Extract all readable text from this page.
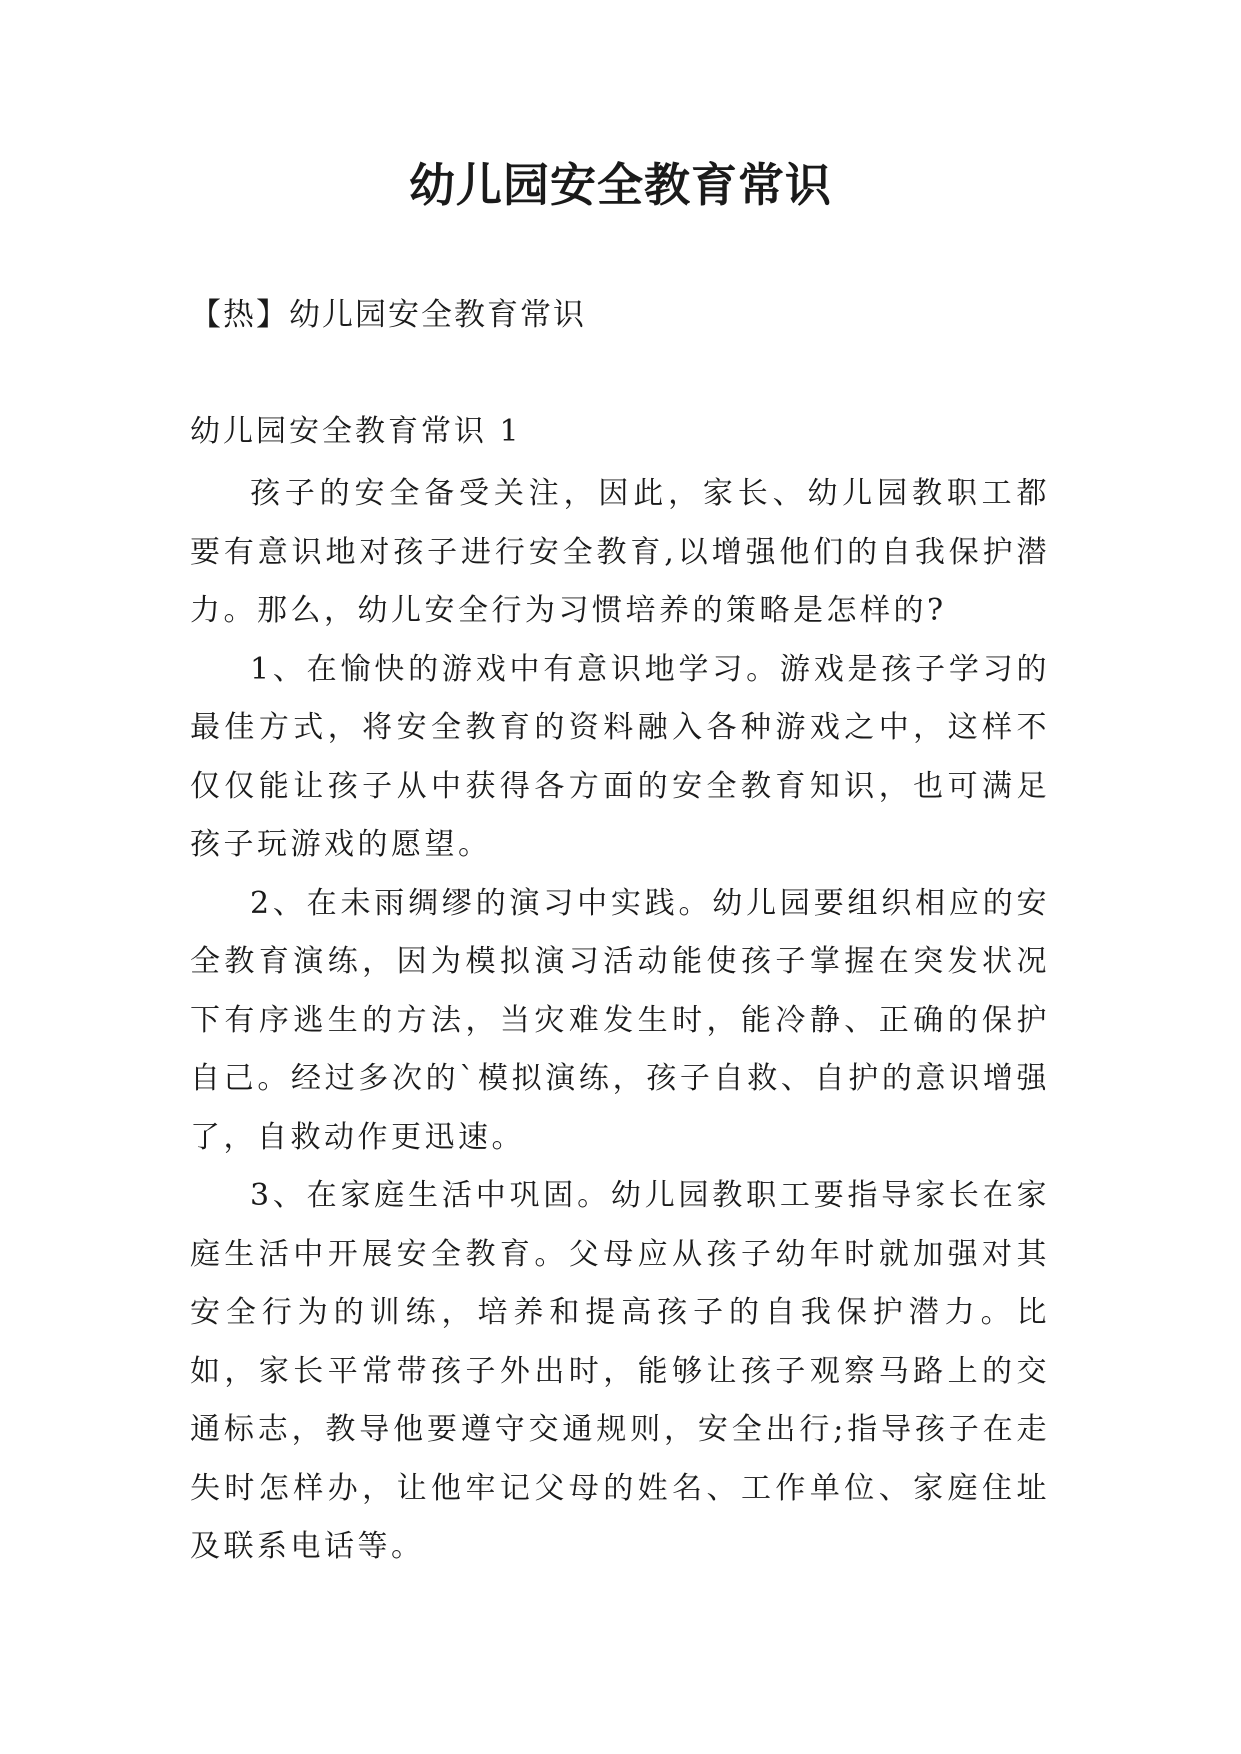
幼儿园安全教育常识

【热】幼儿园安全教育常识

幼儿园安全教育常识 1

孩子的安全备受关注，因此，家长、幼儿园教职工都要有意识地对孩子进行安全教育,以增强他们的自我保护潜力。那么，幼儿安全行为习惯培养的策略是怎样的?

1、在愉快的游戏中有意识地学习。游戏是孩子学习的最佳方式，将安全教育的资料融入各种游戏之中，这样不仅仅能让孩子从中获得各方面的安全教育知识，也可满足孩子玩游戏的愿望。

2、在未雨绸缪的演习中实践。幼儿园要组织相应的安全教育演练，因为模拟演习活动能使孩子掌握在突发状况下有序逃生的方法，当灾难发生时，能冷静、正确的保护自己。经过多次的`模拟演练，孩子自救、自护的意识增强了，自救动作更迅速。

3、在家庭生活中巩固。幼儿园教职工要指导家长在家庭生活中开展安全教育。父母应从孩子幼年时就加强对其安全行为的训练，培养和提高孩子的自我保护潜力。比如，家长平常带孩子外出时，能够让孩子观察马路上的交通标志，教导他要遵守交通规则，安全出行;指导孩子在走失时怎样办，让他牢记父母的姓名、工作单位、家庭住址及联系电话等。
